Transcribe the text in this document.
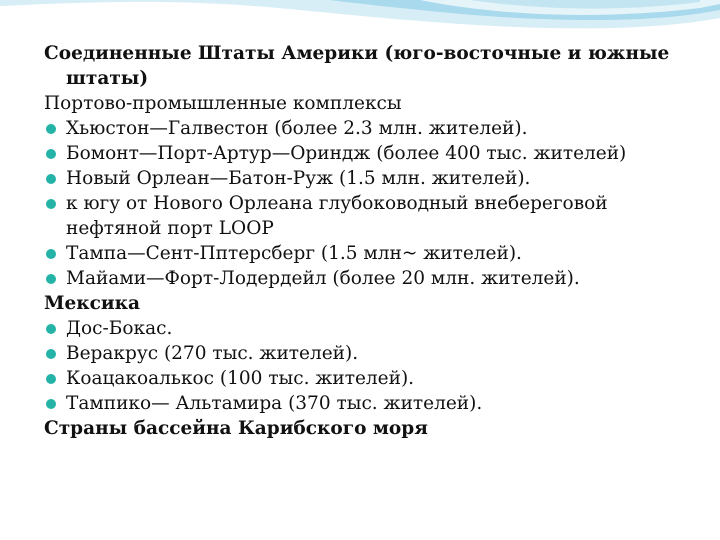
Соединенные Штаты Америки (юго-восточные и южные штаты)

Портово-промышленные комплексы

Хьюстон—Галвестон (более 2.3 млн. жителей).
Бомонт—Порт-Артур—Ориндж (более 400 тыс. жителей)
Новый Орлеан—Батон-Руж (1.5 млн. жителей).
к югу от Нового Орлеана глубоководный внебереговой нефтяной порт LOOP
Тампа—Сент-Пптерсберг (1.5 млн~ жителей).
Майами—Форт-Лодердейл (более 20 млн. жителей).

Мексика

Дос-Бокас.
Веракрус (270 тыс. жителей).
Коацакоалькос (100 тыс. жителей).
Тампико— Альтамира (370 тыс. жителей).

Страны бассейна Карибского моря
